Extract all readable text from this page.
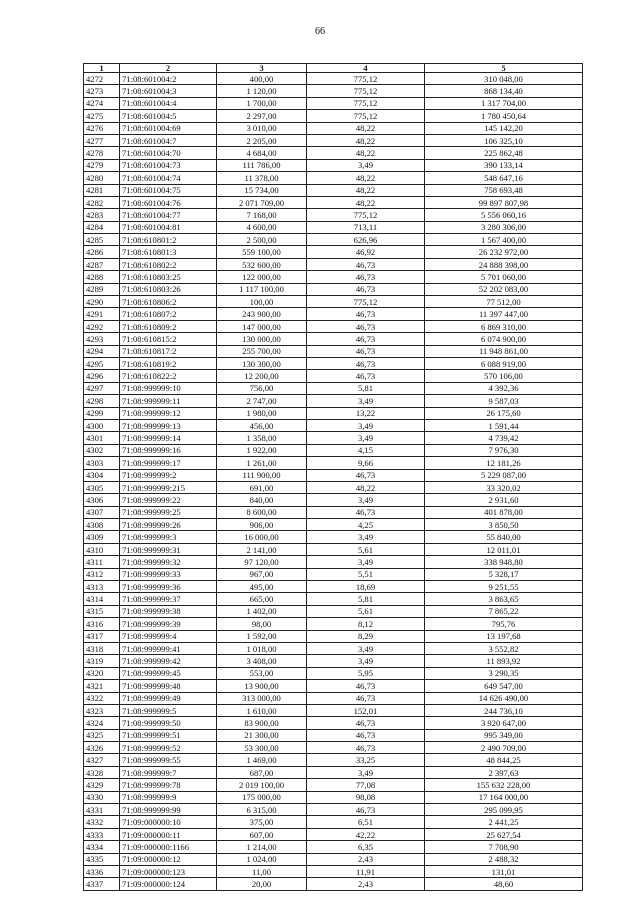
66
1	2	3	4	5
4272	71:08:601004:2	400,00	775,12	310 048,00
4273	71:08:601004:3	1 120,00	775,12	868 134,40
4274	71:08:601004:4	1 700,00	775,12	1 317 704,00
4275	71:08:601004:5	2 297,00	775,12	1 780 450,64
4276	71:08:601004:69	3 010,00	48,22	145 142,20
4277	71:08:601004:7	2 205,00	48,22	106 325,10
4278	71:08:601004:70	4 684,00	48,22	225 862,48
4279	71:08:601004:73	111 786,00	3,49	390 133,14
4280	71:08:601004:74	11 378,00	48,22	548 647,16
4281	71:08:601004:75	15 734,00	48,22	758 693,48
4282	71:08:601004:76	2 071 709,00	48,22	99 897 807,98
4283	71:08:601004:77	7 168,00	775,12	5 556 060,16
4284	71:08:601004:81	4 600,00	713,11	3 280 306,00
4285	71:08:610801:2	2 500,00	626,96	1 567 400,00
4286	71:08:610801:3	559 100,00	46,92	26 232 972,00
4287	71:08:610802:2	532 600,00	46,73	24 888 398,00
4288	71:08:610803:25	122 000,00	46,73	5 701 060,00
4289	71:08:610803:26	1 117 100,00	46,73	52 202 083,00
4290	71:08:610806:2	100,00	775,12	77 512,00
4291	71:08:610807:2	243 900,00	46,73	11 397 447,00
4292	71:08:610809:2	147 000,00	46,73	6 869 310,00
4293	71:08:610815:2	130 000,00	46,73	6 074 900,00
4294	71:08:610817:2	255 700,00	46,73	11 948 861,00
4295	71:08:610819:2	130 300,00	46,73	6 088 919,00
4296	71:08:610822:2	12 200,00	46,73	570 106,00
4297	71:08:999999:10	756,00	5,81	4 392,36
4298	71:08:999999:11	2 747,00	3,49	9 587,03
4299	71:08:999999:12	1 980,00	13,22	26 175,60
4300	71:08:999999:13	456,00	3,49	1 591,44
4301	71:08:999999:14	1 358,00	3,49	4 739,42
4302	71:08:999999:16	1 922,00	4,15	7 976,30
4303	71:08:999999:17	1 261,00	9,66	12 181,26
4304	71:08:999999:2	111 900,00	46,73	5 229 087,00
4305	71:08:999999:215	691,00	48,22	33 320,02
4306	71:08:999999:22	840,00	3,49	2 931,60
4307	71:08:999999:25	8 600,00	46,73	401 878,00
4308	71:08:999999:26	906,00	4,25	3 850,50
4309	71:08:999999:3	16 000,00	3,49	55 840,00
4310	71:08:999999:31	2 141,00	5,61	12 011,01
4311	71:08:999999:32	97 120,00	3,49	338 948,80
4312	71:08:999999:33	967,00	5,51	5 328,17
4313	71:08:999999:36	495,00	18,69	9 251,55
4314	71:08:999999:37	665,00	5,81	3 863,65
4315	71:08:999999:38	1 402,00	5,61	7 865,22
4316	71:08:999999:39	98,00	8,12	795,76
4317	71:08:999999:4	1 592,00	8,29	13 197,68
4318	71:08:999999:41	1 018,00	3,49	3 552,82
4319	71:08:999999:42	3 408,00	3,49	11 893,92
4320	71:08:999999:45	553,00	5,95	3 290,35
4321	71:08:999999:48	13 900,00	46,73	649 547,00
4322	71:08:999999:49	313 000,00	46,73	14 626 490,00
4323	71:08:999999:5	1 610,00	152,01	244 736,10
4324	71:08:999999:50	83 900,00	46,73	3 920 647,00
4325	71:08:999999:51	21 300,00	46,73	995 349,00
4326	71:08:999999:52	53 300,00	46,73	2 490 709,00
4327	71:08:999999:55	1 469,00	33,25	48 844,25
4328	71:08:999999:7	687,00	3,49	2 397,63
4329	71:08:999999:78	2 019 100,00	77,08	155 632 228,00
4330	71:08:999999:9	175 000,00	98,08	17 164 000,00
4331	71:08:999999:99	6 315,00	46,73	295 099,95
4332	71:09:000000:10	375,00	6,51	2 441,25
4333	71:09:000000:11	607,00	42,22	25 627,54
4334	71:09:000000:1166	1 214,00	6,35	7 708,90
4335	71:09:000000:12	1 024,00	2,43	2 488,32
4336	71:09:000000:123	11,00	11,91	131,01
4337	71:09:000000:124	20,00	2,43	48,60
